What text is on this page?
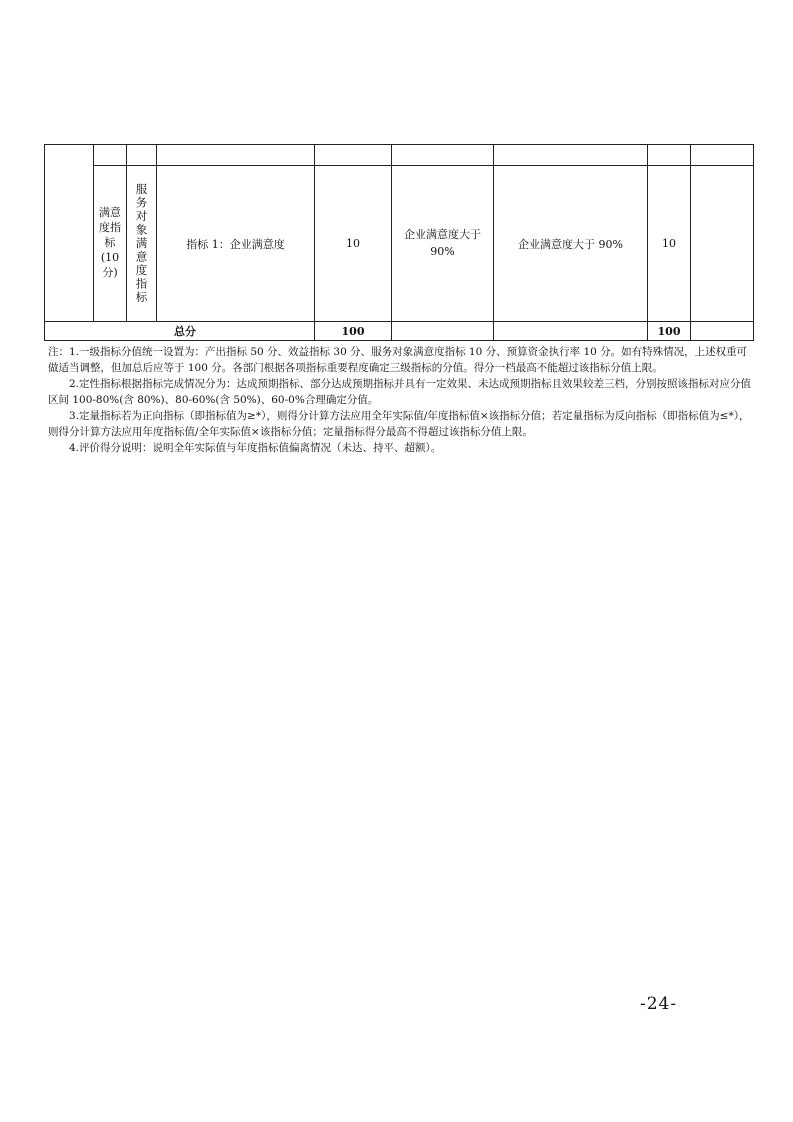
	满意度指标(10分)	服务对象满意度指标	指标 1：企业满意度	10	企业满意度大于 90%	企业满意度大于 90%	10	
总分				100			100	

注：1.一级指标分值统一设置为：产出指标 50 分、效益指标 30 分、服务对象满意度指标 10 分、预算资金执行率 10 分。如有特殊情况，上述权重可做适当调整，但加总后应等于 100 分。各部门根据各项指标重要程度确定三级指标的分值。得分一档最高不能超过该指标分值上限。

2.定性指标根据指标完成情况分为：达成预期指标、部分达成预期指标并具有一定效果、未达成预期指标且效果较差三档，分别按照该指标对应分值区间 100-80%(含 80%)、80-60%(含 50%)、60-0%合理确定分值。

3.定量指标若为正向指标（即指标值为≥*），则得分计算方法应用全年实际值/年度指标值×该指标分值；若定量指标为反向指标（即指标值为≤*），则得分计算方法应用年度指标值/全年实际值×该指标分值；定量指标得分最高不得超过该指标分值上限。

4.评价得分说明：说明全年实际值与年度指标值偏离情况（未达、持平、超额）。

-24-
